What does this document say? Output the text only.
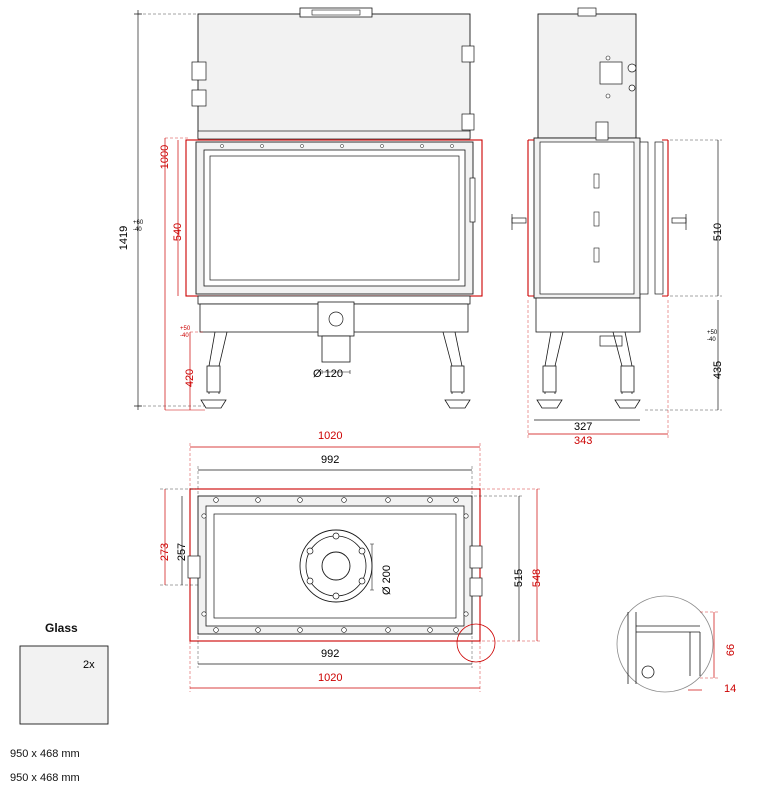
1419
+60
-40
1000
540
420
+50
-40
Ø 120
510
435
+50
-40
327
343
1020
992
273 257
515 548
Ø 200
992
1020
66
14
Glass
2x
950 x 468 mm
950 x 468 mm
